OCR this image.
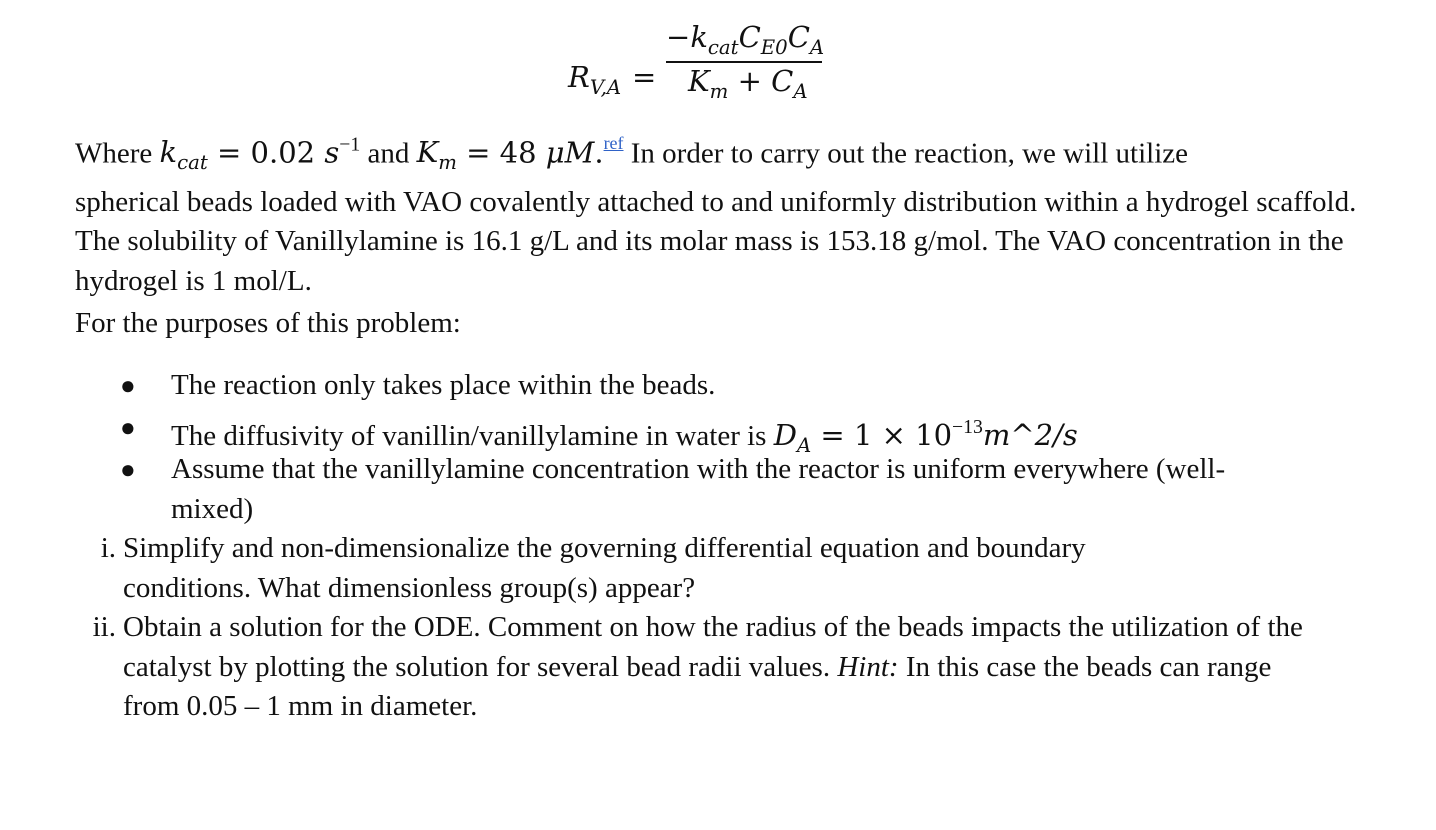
$R_{V,A}$ =
$-k_{cat}C_{E0}C_A$
$K_m + C_A$
Where $k_{cat} = 0.02$ $s^{-1}$ and $K_m = 48$ μM.$^{ref}$ In order to carry out the reaction, we will utilize
spherical beads loaded with VAO covalently attached to and uniformly distribution within a hydrogel scaffold. The solubility of Vanillylamine is 16.1 g/L and its molar mass is 153.18 g/mol. The VAO concentration in the hydrogel is 1 mol/L.
For the purposes of this problem:
● The reaction only takes place within the beads.
● The diffusivity of vanillin/vanillylamine in water is $D_A = 1$ × $10^{-13}m\^{}2/s$
● Assume that the vanillylamine concentration with the reactor is uniform everywhere (well-mixed)
i. Simplify and non-dimensionalize the governing differential equation and boundary conditions. What dimensionless group(s) appear?
ii. Obtain a solution for the ODE. Comment on how the radius of the beads impacts the utilization of the catalyst by plotting the solution for several bead radii values. Hint: In this case the beads can range from 0.05 – 1 mm in diameter.
